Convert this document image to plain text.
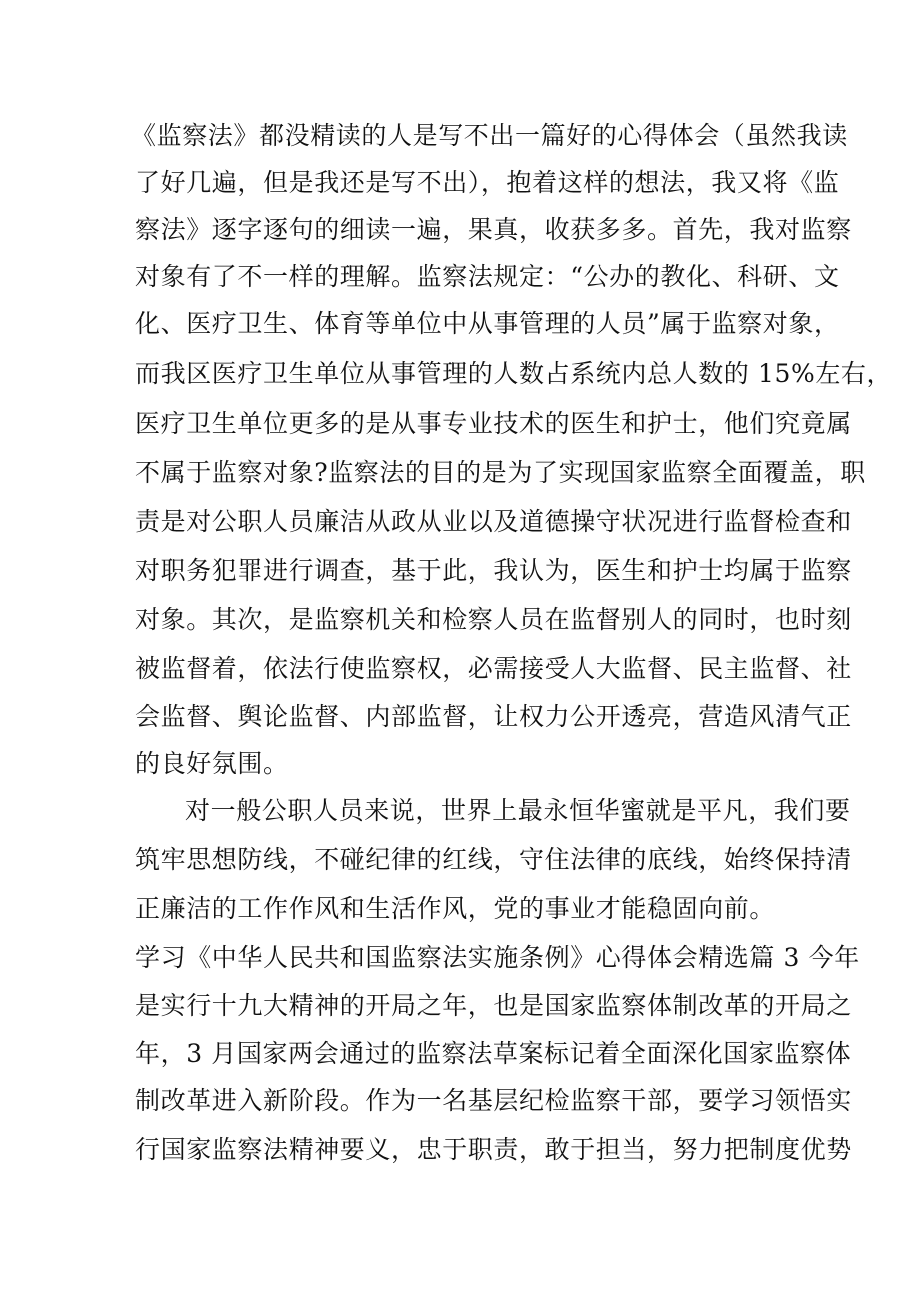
《监察法》都没精读的人是写不出一篇好的心得体会（虽然我读
了好几遍，但是我还是写不出），抱着这样的想法，我又将《监
察法》逐字逐句的细读一遍，果真，收获多多。首先，我对监察
对象有了不一样的理解。监察法规定：“公办的教化、科研、文
化、医疗卫生、体育等单位中从事管理的人员”属于监察对象，
而我区医疗卫生单位从事管理的人数占系统内总人数的 15%左右，
医疗卫生单位更多的是从事专业技术的医生和护士，他们究竟属
不属于监察对象?监察法的目的是为了实现国家监察全面覆盖，职
责是对公职人员廉洁从政从业以及道德操守状况进行监督检查和
对职务犯罪进行调查，基于此，我认为，医生和护士均属于监察
对象。其次，是监察机关和检察人员在监督别人的同时，也时刻
被监督着，依法行使监察权，必需接受人大监督、民主监督、社
会监督、舆论监督、内部监督，让权力公开透亮，营造风清气正
的良好氛围。
对一般公职人员来说，世界上最永恒华蜜就是平凡，我们要
筑牢思想防线，不碰纪律的红线，守住法律的底线，始终保持清
正廉洁的工作作风和生活作风，党的事业才能稳固向前。
学习《中华人民共和国监察法实施条例》心得体会精选篇 3 今年
是实行十九大精神的开局之年，也是国家监察体制改革的开局之
年，3 月国家两会通过的监察法草案标记着全面深化国家监察体
制改革进入新阶段。作为一名基层纪检监察干部，要学习领悟实
行国家监察法精神要义，忠于职责，敢于担当，努力把制度优势
